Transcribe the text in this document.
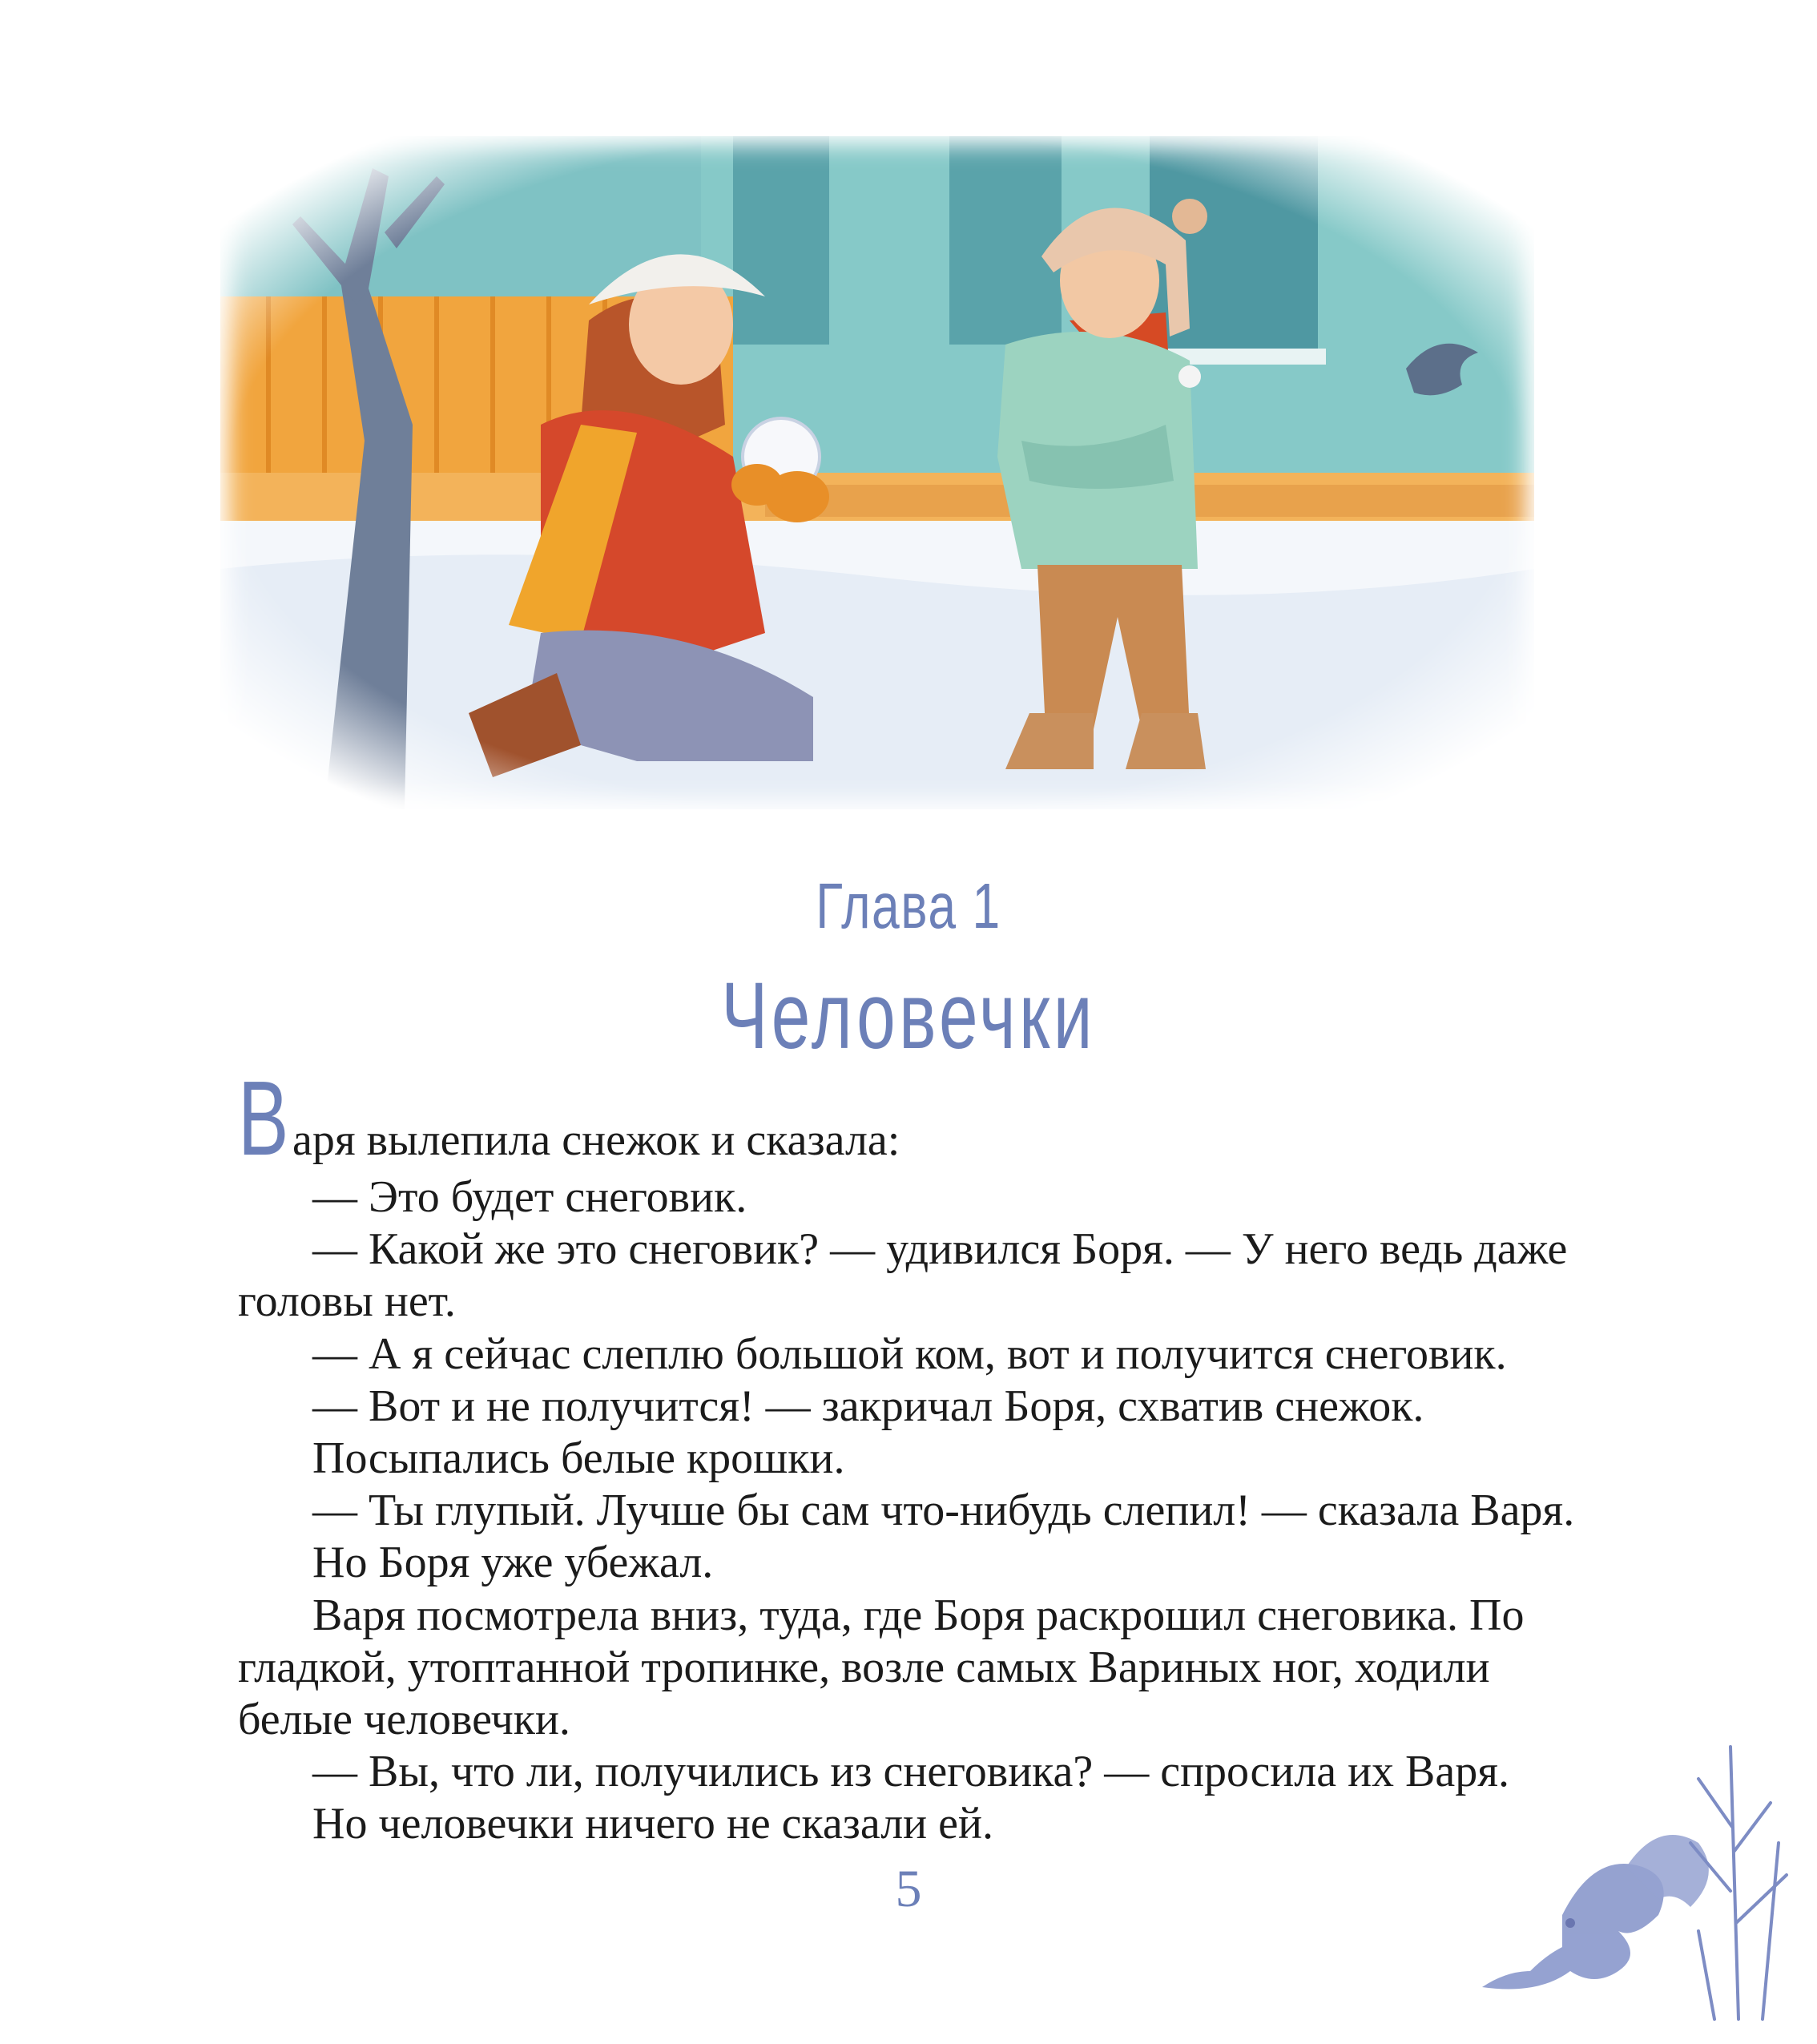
Глава 1
Человечки

Варя вылепила снежок и сказала:

— Это будет снеговик.

— Какой же это снеговик? — удивился Боря. — У него ведь даже

головы нет.

— А я сейчас слеплю большой ком, вот и получится снеговик.

— Вот и не получится! — закричал Боря, схватив снежок.

Посыпались белые крошки.

— Ты глупый. Лучше бы сам что-нибудь слепил! — сказала Варя.

Но Боря уже убежал.

Варя посмотрела вниз, туда, где Боря раскрошил снеговика. По

гладкой, утоптанной тропинке, возле самых Вариных ног, ходили

белые человечки.

— Вы, что ли, получились из снеговика? — спросила их Варя.

Но человечки ничего не сказали ей.

5
